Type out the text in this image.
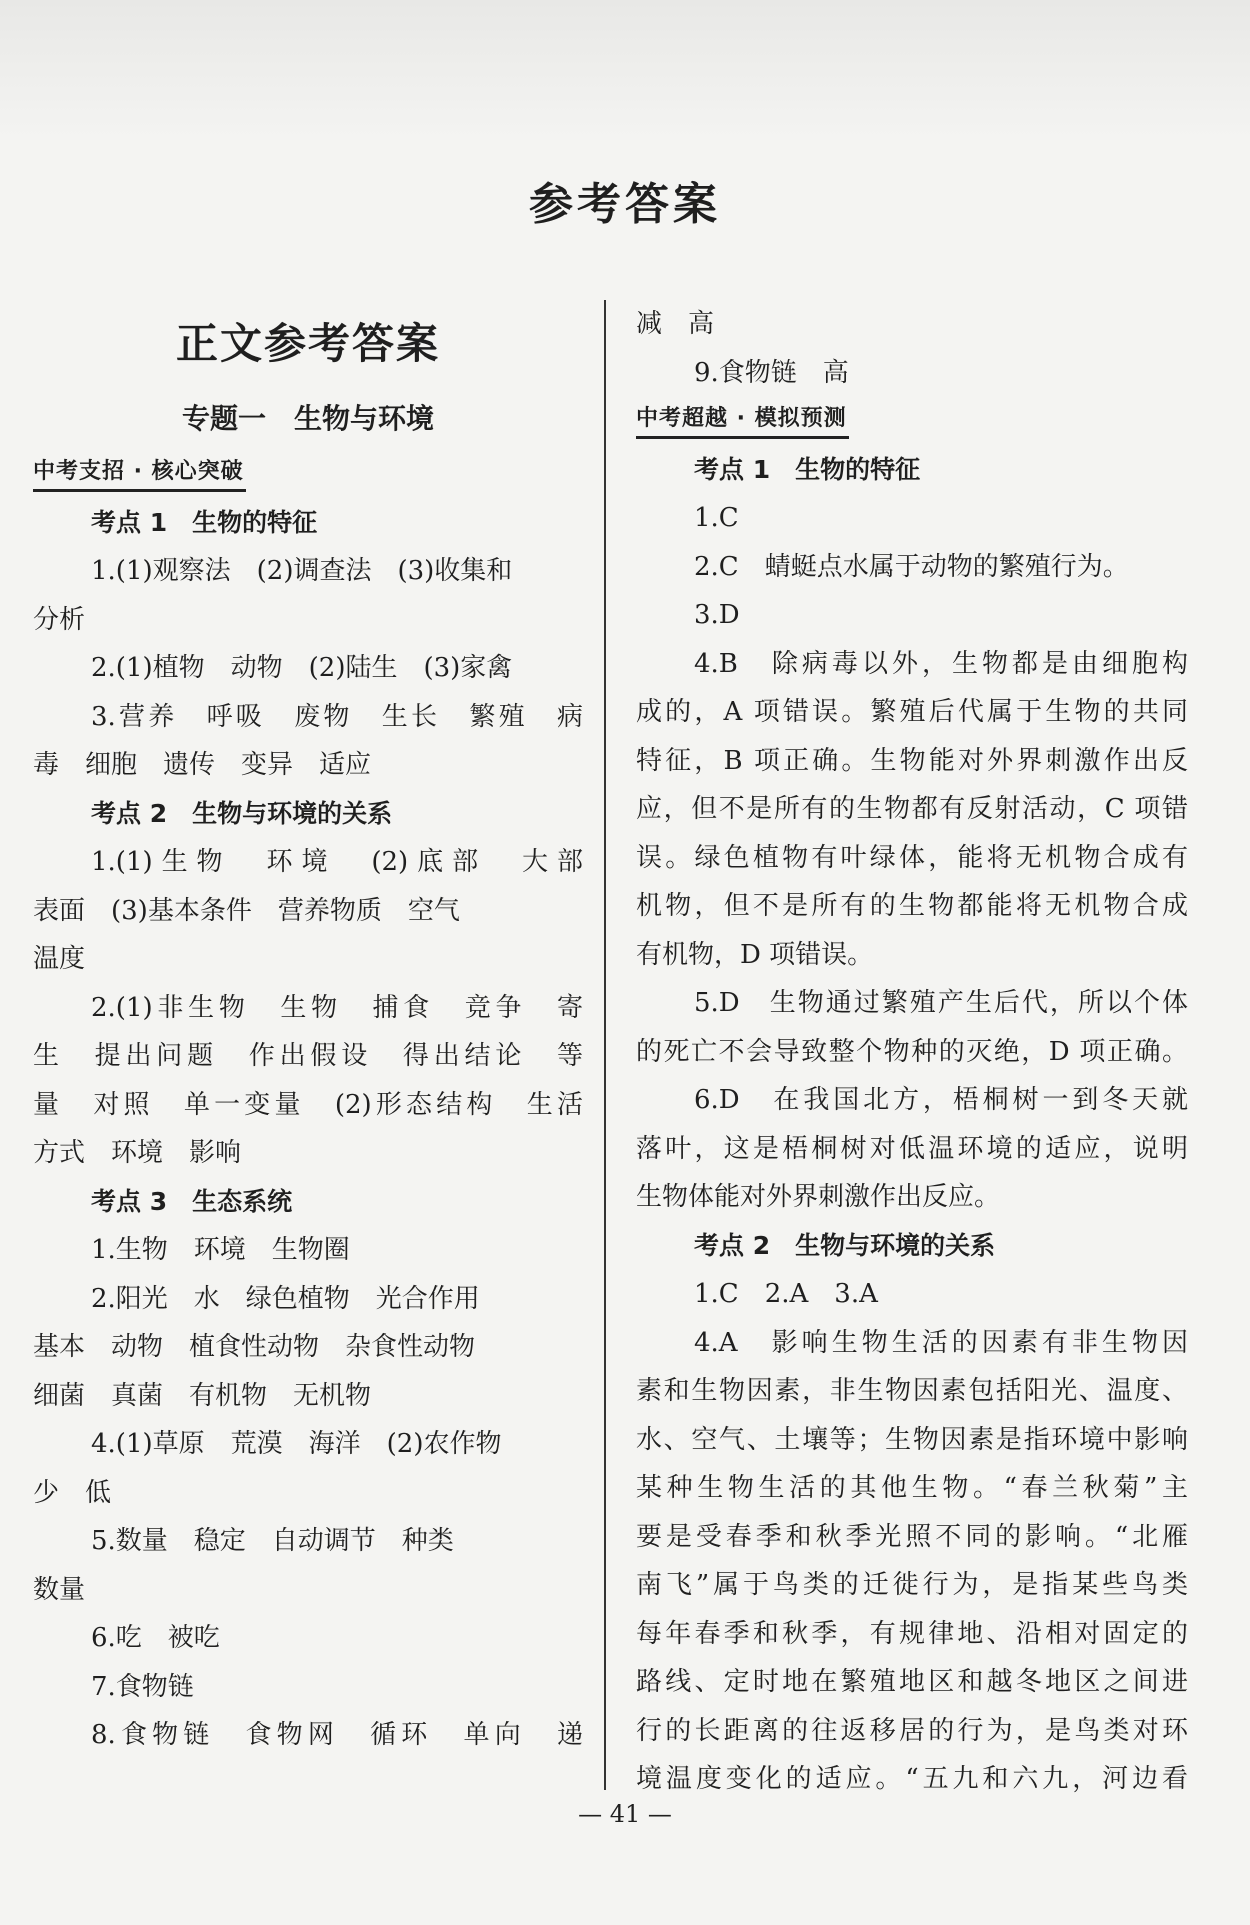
参考答案
正文参考答案
专题一　生物与环境
中考支招 · 核心突破
考点 1　生物的特征
1.(1)观察法　(2)调查法　(3)收集和
分析
2.(1)植物　动物　(2)陆生　(3)家禽
3.营养　呼吸　废物　生长　繁殖　病
毒　细胞　遗传　变异　适应
考点 2　生物与环境的关系
1.(1)生物　环境　(2)底部　大部
表面　(3)基本条件　营养物质　空气
温度
2.(1)非生物　生物　捕食　竞争　寄
生　提出问题　作出假设　得出结论　等
量　对照　单一变量　(2)形态结构　生活
方式　环境　影响
考点 3　生态系统
1.生物　环境　生物圈
2.阳光　水　绿色植物　光合作用
基本　动物　植食性动物　杂食性动物
细菌　真菌　有机物　无机物
4.(1)草原　荒漠　海洋　(2)农作物
少　低
5.数量　稳定　自动调节　种类
数量
6.吃　被吃
7.食物链
8.食物链　食物网　循环　单向　递
减　高
9.食物链　高
中考超越 · 模拟预测
考点 1　生物的特征
1.C
2.C　蜻蜓点水属于动物的繁殖行为。
3.D
4.B　除病毒以外，生物都是由细胞构
成的，A 项错误。繁殖后代属于生物的共同
特征，B 项正确。生物能对外界刺激作出反
应，但不是所有的生物都有反射活动，C 项错
误。绿色植物有叶绿体，能将无机物合成有
机物，但不是所有的生物都能将无机物合成
有机物，D 项错误。
5.D　生物通过繁殖产生后代，所以个体
的死亡不会导致整个物种的灭绝，D 项正确。
6.D　在我国北方，梧桐树一到冬天就
落叶，这是梧桐树对低温环境的适应，说明
生物体能对外界刺激作出反应。
考点 2　生物与环境的关系
1.C　2.A　3.A
4.A　影响生物生活的因素有非生物因
素和生物因素，非生物因素包括阳光、温度、
水、空气、土壤等；生物因素是指环境中影响
某种生物生活的其他生物。“春兰秋菊”主
要是受春季和秋季光照不同的影响。“北雁
南飞”属于鸟类的迁徙行为，是指某些鸟类
每年春季和秋季，有规律地、沿相对固定的
路线、定时地在繁殖地区和越冬地区之间进
行的长距离的往返移居的行为，是鸟类对环
境温度变化的适应。“五九和六九，河边看
— 41 —
